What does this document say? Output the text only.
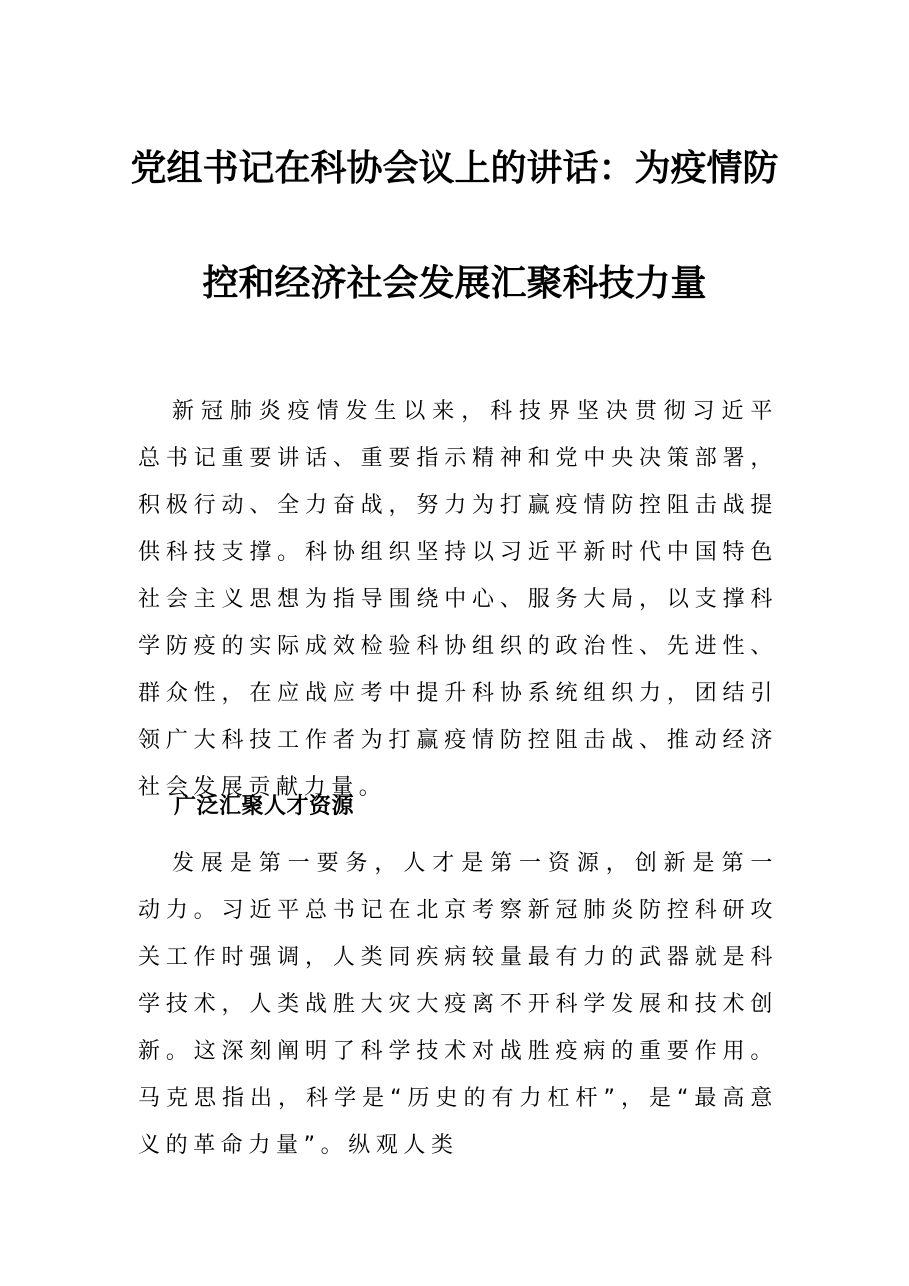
党组书记在科协会议上的讲话：为疫情防
控和经济社会发展汇聚科技力量
新冠肺炎疫情发生以来，科技界坚决贯彻习近平总书记重要讲话、重要指示精神和党中央决策部署，积极行动、全力奋战，努力为打赢疫情防控阻击战提供科技支撑。科协组织坚持以习近平新时代中国特色社会主义思想为指导围绕中心、服务大局，以支撑科学防疫的实际成效检验科协组织的政治性、先进性、群众性，在应战应考中提升科协系统组织力，团结引领广大科技工作者为打赢疫情防控阻击战、推动经济社会发展贡献力量。
广泛汇聚人才资源
发展是第一要务，人才是第一资源，创新是第一动力。习近平总书记在北京考察新冠肺炎防控科研攻关工作时强调，人类同疾病较量最有力的武器就是科学技术，人类战胜大灾大疫离不开科学发展和技术创新。这深刻阐明了科学技术对战胜疫病的重要作用。马克思指出，科学是“历史的有力杠杆”，是“最高意义的革命力量”。纵观人类
